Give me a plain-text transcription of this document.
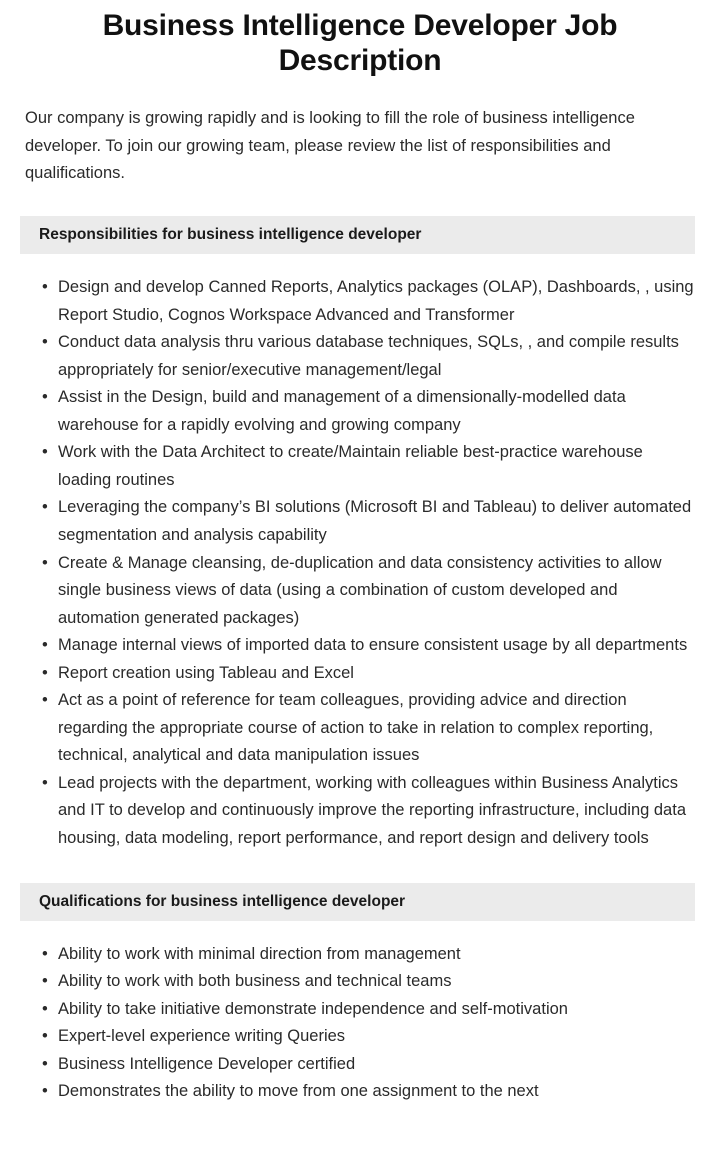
Business Intelligence Developer Job Description

Our company is growing rapidly and is looking to fill the role of business intelligence developer. To join our growing team, please review the list of responsibilities and qualifications.

Responsibilities for business intelligence developer
• Design and develop Canned Reports, Analytics packages (OLAP), Dashboards, , using Report Studio, Cognos Workspace Advanced and Transformer
• Conduct data analysis thru various database techniques, SQLs, , and compile results appropriately for senior/executive management/legal
• Assist in the Design, build and management of a dimensionally-modelled data warehouse for a rapidly evolving and growing company
• Work with the Data Architect to create/Maintain reliable best-practice warehouse loading routines
• Leveraging the company’s BI solutions (Microsoft BI and Tableau) to deliver automated segmentation and analysis capability
• Create & Manage cleansing, de-duplication and data consistency activities to allow single business views of data (using a combination of custom developed and automation generated packages)
• Manage internal views of imported data to ensure consistent usage by all departments
• Report creation using Tableau and Excel
• Act as a point of reference for team colleagues, providing advice and direction regarding the appropriate course of action to take in relation to complex reporting, technical, analytical and data manipulation issues
• Lead projects with the department, working with colleagues within Business Analytics and IT to develop and continuously improve the reporting infrastructure, including data housing, data modeling, report performance, and report design and delivery tools
Qualifications for business intelligence developer
• Ability to work with minimal direction from management
• Ability to work with both business and technical teams
• Ability to take initiative demonstrate independence and self-motivation
• Expert-level experience writing Queries
• Business Intelligence Developer certified
• Demonstrates the ability to move from one assignment to the next
